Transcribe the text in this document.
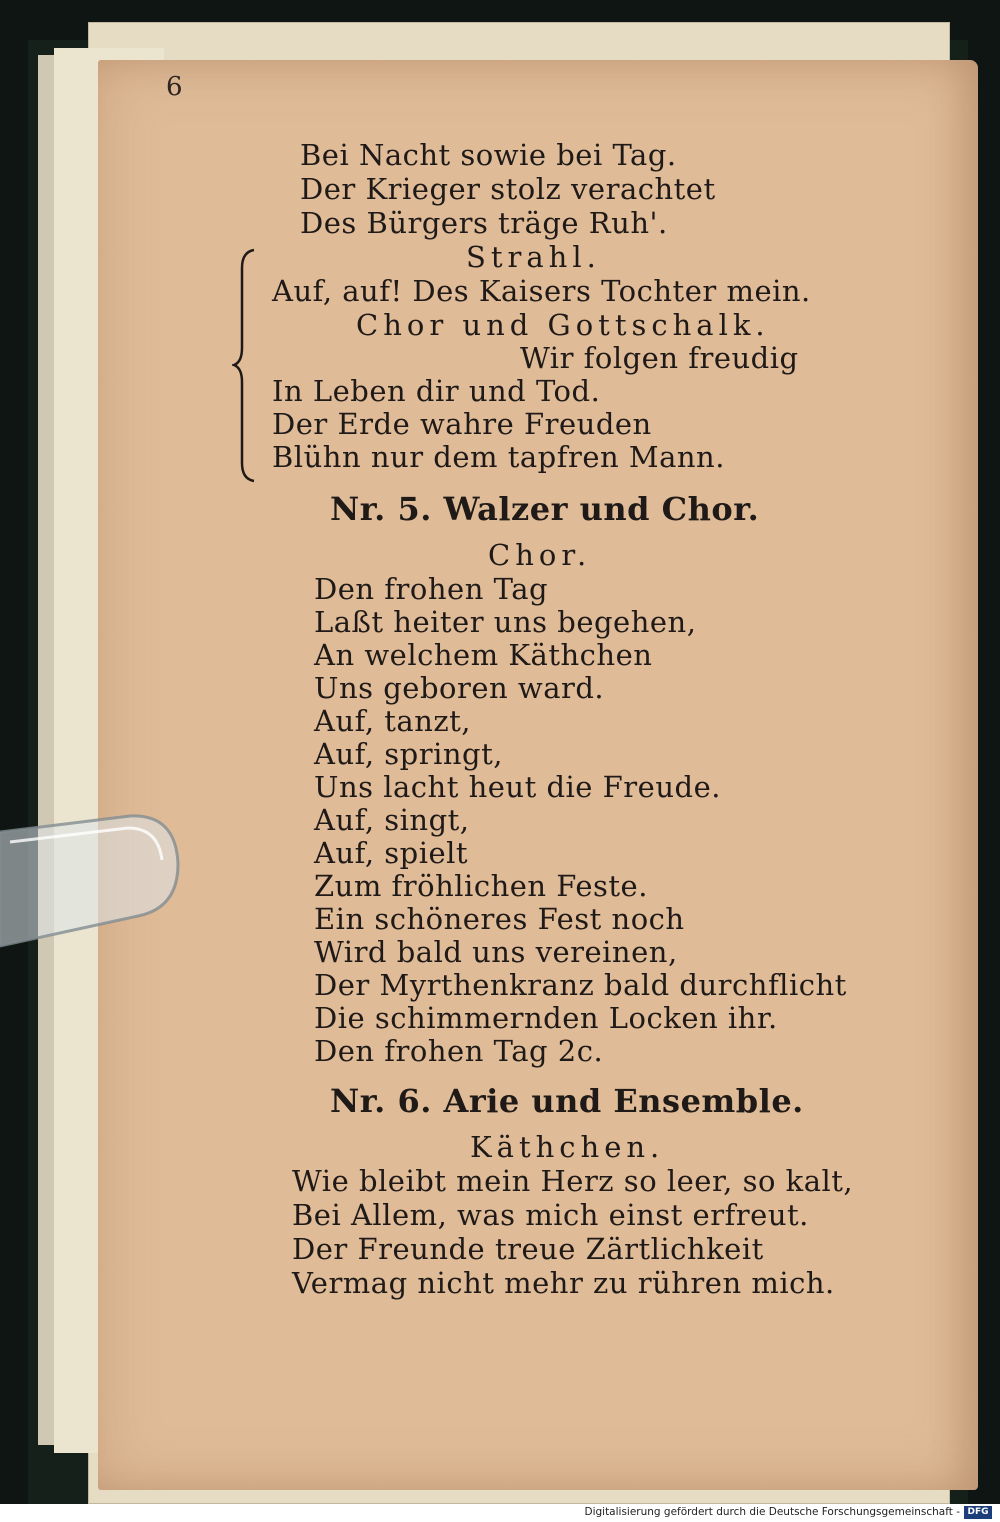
6
Bei Nacht sowie bei Tag.
Der Krieger stolz verachtet
Des Bürgers träge Ruh'.
Strahl.
Auf, auf! Des Kaisers Tochter mein.
Chor und Gottschalk.
Wir folgen freudig
In Leben dir und Tod.
Der Erde wahre Freuden
Blühn nur dem tapfren Mann.
Nr. 5. Walzer und Chor.
Chor.
Den frohen Tag
Laßt heiter uns begehen,
An welchem Käthchen
Uns geboren ward.
Auf, tanzt,
Auf, springt,
Uns lacht heut die Freude.
Auf, singt,
Auf, spielt
Zum fröhlichen Feste.
Ein schöneres Fest noch
Wird bald uns vereinen,
Der Myrthenkranz bald durchflicht
Die schimmernden Locken ihr.
Den frohen Tag 2c.
Nr. 6. Arie und Ensemble.
Käthchen.
Wie bleibt mein Herz so leer, so kalt,
Bei Allem, was mich einst erfreut.
Der Freunde treue Zärtlichkeit
Vermag nicht mehr zu rühren mich.
Digitalisierung gefördert durch die Deutsche Forschungsgemeinschaft - DFG
